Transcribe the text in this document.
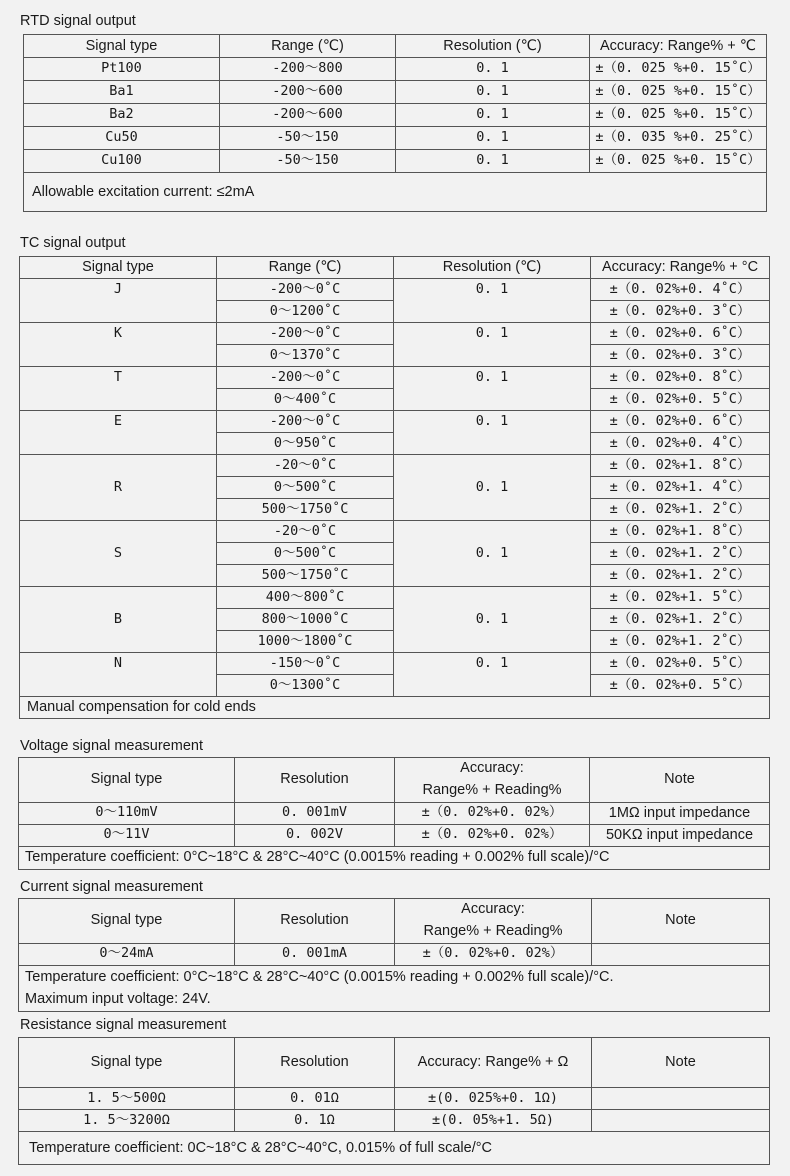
RTD signal output
Signal type	Range (℃)	Resolution (℃)	Accuracy: Range% + ℃
Pt100	-200～800	0. 1	±（0. 025 %+0. 15˚C）
Ba1	-200～600	0. 1	±（0. 025 %+0. 15˚C）
Ba2	-200～600	0. 1	±（0. 025 %+0. 15˚C）
Cu50	-50～150	0. 1	±（0. 035 %+0. 25˚C）
Cu100	-50～150	0. 1	±（0. 025 %+0. 15˚C）
Allowable excitation current: ≤2mA			
TC signal output
Signal type	Range (℃)	Resolution (℃)	Accuracy: Range% + °C
J	-200～0˚C	0. 1	±（0. 02%+0. 4˚C）
	0～1200˚C		±（0. 02%+0. 3˚C）
K	-200～0˚C	0. 1	±（0. 02%+0. 6˚C）
	0～1370˚C		±（0. 02%+0. 3˚C）
T	-200～0˚C	0. 1	±（0. 02%+0. 8˚C）
	0～400˚C		±（0. 02%+0. 5˚C）
E	-200～0˚C	0. 1	±（0. 02%+0. 6˚C）
	0～950˚C		±（0. 02%+0. 4˚C）
R	-20～0˚C	0. 1	±（0. 02%+1. 8˚C）
	0～500˚C		±（0. 02%+1. 4˚C）
	500～1750˚C		±（0. 02%+1. 2˚C）
S	-20～0˚C	0. 1	±（0. 02%+1. 8˚C）
	0～500˚C		±（0. 02%+1. 2˚C）
	500～1750˚C		±（0. 02%+1. 2˚C）
B	400～800˚C	0. 1	±（0. 02%+1. 5˚C）
	800～1000˚C		±（0. 02%+1. 2˚C）
	1000～1800˚C		±（0. 02%+1. 2˚C）
N	-150～0˚C	0. 1	±（0. 02%+0. 5˚C）
	0～1300˚C		±（0. 02%+0. 5˚C）
Manual compensation for cold ends			
Voltage signal measurement
Signal type	Resolution	Accuracy:
Range% + Reading%	Note
0～110mV	0. 001mV	±（0. 02%+0. 02%）	1MΩ input impedance
0～11V	0. 002V	±（0. 02%+0. 02%）	50KΩ input impedance
Temperature coefficient: 0°C~18°C & 28°C~40°C (0.0015% reading + 0.002% full scale)/°C			
Current signal measurement
Signal type	Resolution	Accuracy:
Range% + Reading%	Note
0～24mA	0. 001mA	±（0. 02%+0. 02%）	

Temperature coefficient: 0°C~18°C & 28°C~40°C (0.0015% reading + 0.002% full scale)/°C.
Maximum input voltage: 24V.			
Resistance signal measurement
Signal type	Resolution	Accuracy: Range% + Ω	Note
1. 5～500Ω	0. 01Ω	±(0. 025%+0. 1Ω)	
1. 5～3200Ω	0. 1Ω	±(0. 05%+1. 5Ω)	
Temperature coefficient: 0C~18°C & 28°C~40°C, 0.015% of full scale/°C			
